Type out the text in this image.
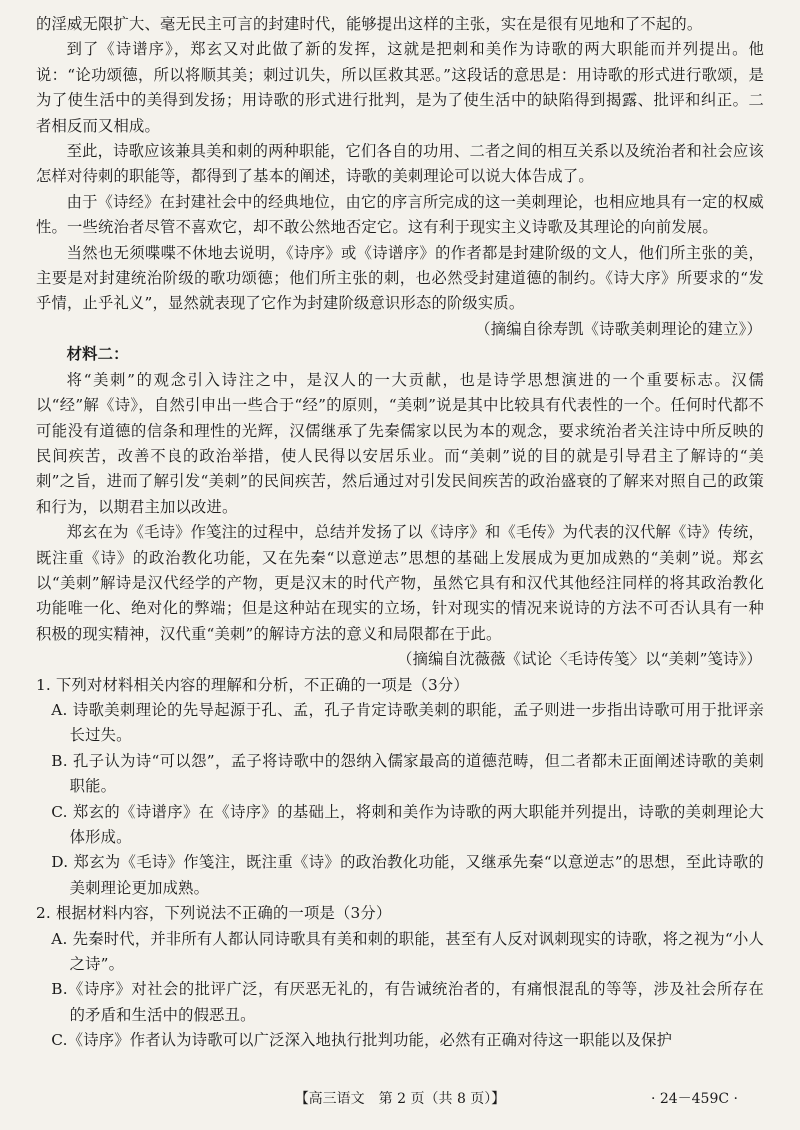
的淫威无限扩大、毫无民主可言的封建时代，能够提出这样的主张，实在是很有见地和了不起的。

到了《诗谱序》，郑玄又对此做了新的发挥，这就是把刺和美作为诗歌的两大职能而并列提出。他说：“论功颂德，所以将顺其美；刺过讥失，所以匡救其恶。”这段话的意思是：用诗歌的形式进行歌颂，是为了使生活中的美得到发扬；用诗歌的形式进行批判，是为了使生活中的缺陷得到揭露、批评和纠正。二者相反而又相成。

至此，诗歌应该兼具美和刺的两种职能，它们各自的功用、二者之间的相互关系以及统治者和社会应该怎样对待刺的职能等，都得到了基本的阐述，诗歌的美刺理论可以说大体告成了。

由于《诗经》在封建社会中的经典地位，由它的序言所完成的这一美刺理论，也相应地具有一定的权威性。一些统治者尽管不喜欢它，却不敢公然地否定它。这有利于现实主义诗歌及其理论的向前发展。

当然也无须喋喋不休地去说明，《诗序》或《诗谱序》的作者都是封建阶级的文人，他们所主张的美，主要是对封建统治阶级的歌功颂德；他们所主张的刺，也必然受封建道德的制约。《诗大序》所要求的“发乎情，止乎礼义”，显然就表现了它作为封建阶级意识形态的阶级实质。

（摘编自徐寿凯《诗歌美刺理论的建立》）

材料二：

将“美刺”的观念引入诗注之中，是汉人的一大贡献，也是诗学思想演进的一个重要标志。汉儒以“经”解《诗》，自然引申出一些合于“经”的原则，“美刺”说是其中比较具有代表性的一个。任何时代都不可能没有道德的信条和理性的光辉，汉儒继承了先秦儒家以民为本的观念，要求统治者关注诗中所反映的民间疾苦，改善不良的政治举措，使人民得以安居乐业。而“美刺”说的目的就是引导君主了解诗的“美刺”之旨，进而了解引发“美刺”的民间疾苦，然后通过对引发民间疾苦的政治盛衰的了解来对照自己的政策和行为，以期君主加以改进。

郑玄在为《毛诗》作笺注的过程中，总结并发扬了以《诗序》和《毛传》为代表的汉代解《诗》传统，既注重《诗》的政治教化功能，又在先秦“以意逆志”思想的基础上发展成为更加成熟的“美刺”说。郑玄以“美刺”解诗是汉代经学的产物，更是汉末的时代产物，虽然它具有和汉代其他经注同样的将其政治教化功能唯一化、绝对化的弊端；但是这种站在现实的立场，针对现实的情况来说诗的方法不可否认具有一种积极的现实精神，汉代重“美刺”的解诗方法的意义和局限都在于此。

（摘编自沈薇薇《试论〈毛诗传笺〉以“美刺”笺诗》）

1. 下列对材料相关内容的理解和分析，不正确的一项是（3分）

A. 诗歌美刺理论的先导起源于孔、孟，孔子肯定诗歌美刺的职能，孟子则进一步指出诗歌可用于批评亲长过失。

B. 孔子认为诗“可以怨”，孟子将诗歌中的怨纳入儒家最高的道德范畴，但二者都未正面阐述诗歌的美刺职能。

C. 郑玄的《诗谱序》在《诗序》的基础上，将刺和美作为诗歌的两大职能并列提出，诗歌的美刺理论大体形成。

D. 郑玄为《毛诗》作笺注，既注重《诗》的政治教化功能，又继承先秦“以意逆志”的思想，至此诗歌的美刺理论更加成熟。

2. 根据材料内容，下列说法不正确的一项是（3分）

A. 先秦时代，并非所有人都认同诗歌具有美和刺的职能，甚至有人反对讽刺现实的诗歌，将之视为“小人之诗”。

B.《诗序》对社会的批评广泛，有厌恶无礼的，有告诫统治者的，有痛恨混乱的等等，涉及社会所存在的矛盾和生活中的假恶丑。

C.《诗序》作者认为诗歌可以广泛深入地执行批判功能，必然有正确对待这一职能以及保护

【高三语文　第 2 页（共 8 页）】	· 24－459C ·
